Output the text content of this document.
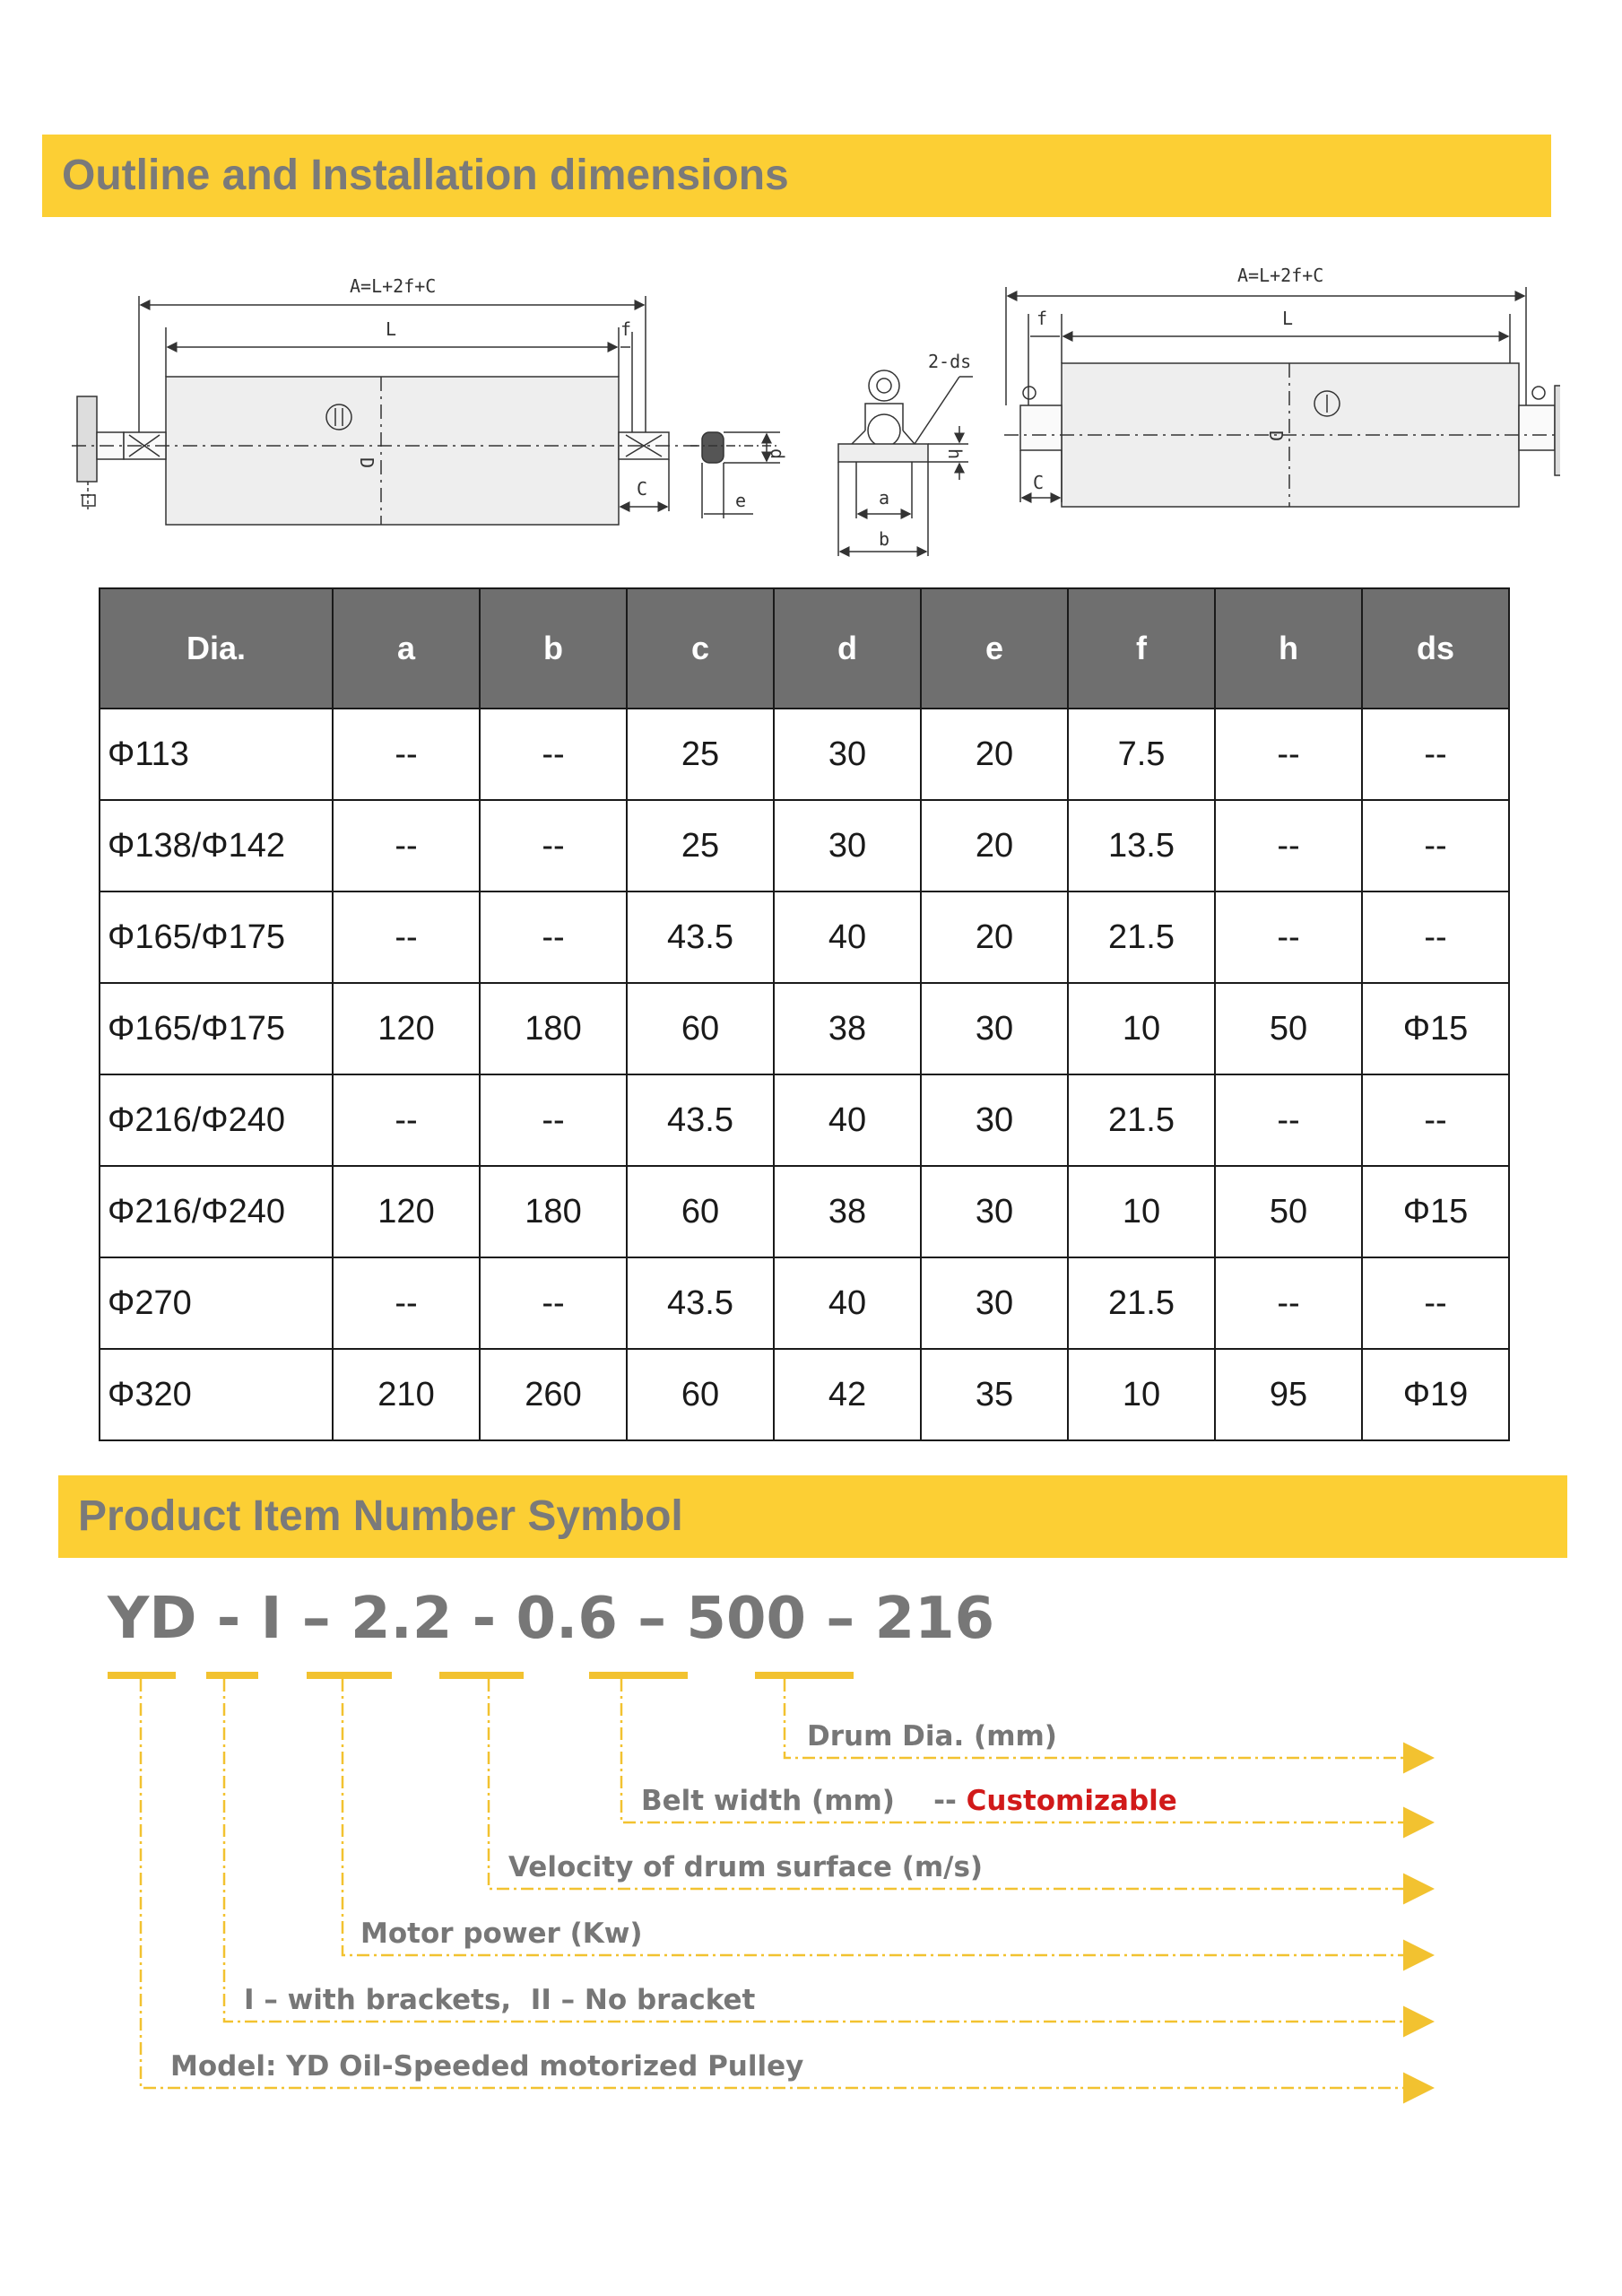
Outline and Installation dimensions
A=L+2f+C
L	f
D
C
d
e
2-ds
h
a
b
A=L+2f+C
f	L
D
C
Dia.	a	b	c	d	e	f	h	ds
Φ113	--	--	25	30	20	7.5	--	--
Φ138/Φ142	--	--	25	30	20	13.5	--	--
Φ165/Φ175	--	--	43.5	40	20	21.5	--	--
Φ165/Φ175	120	180	60	38	30	10	50	Φ15
Φ216/Φ240	--	--	43.5	40	30	21.5	--	--
Φ216/Φ240	120	180	60	38	30	10	50	Φ15
Φ270	--	--	43.5	40	30	21.5	--	--
Φ320	210	260	60	42	35	10	95	Φ19
Product Item Number Symbol
YD - I – 2.2 - 0.6 – 500 – 216
Drum Dia. (mm)
Belt width (mm) -- Customizable
Velocity of drum surface (m/s)
Motor power (Kw)
I – with brackets,  II – No bracket
Model: YD Oil-Speeded motorized Pulley
